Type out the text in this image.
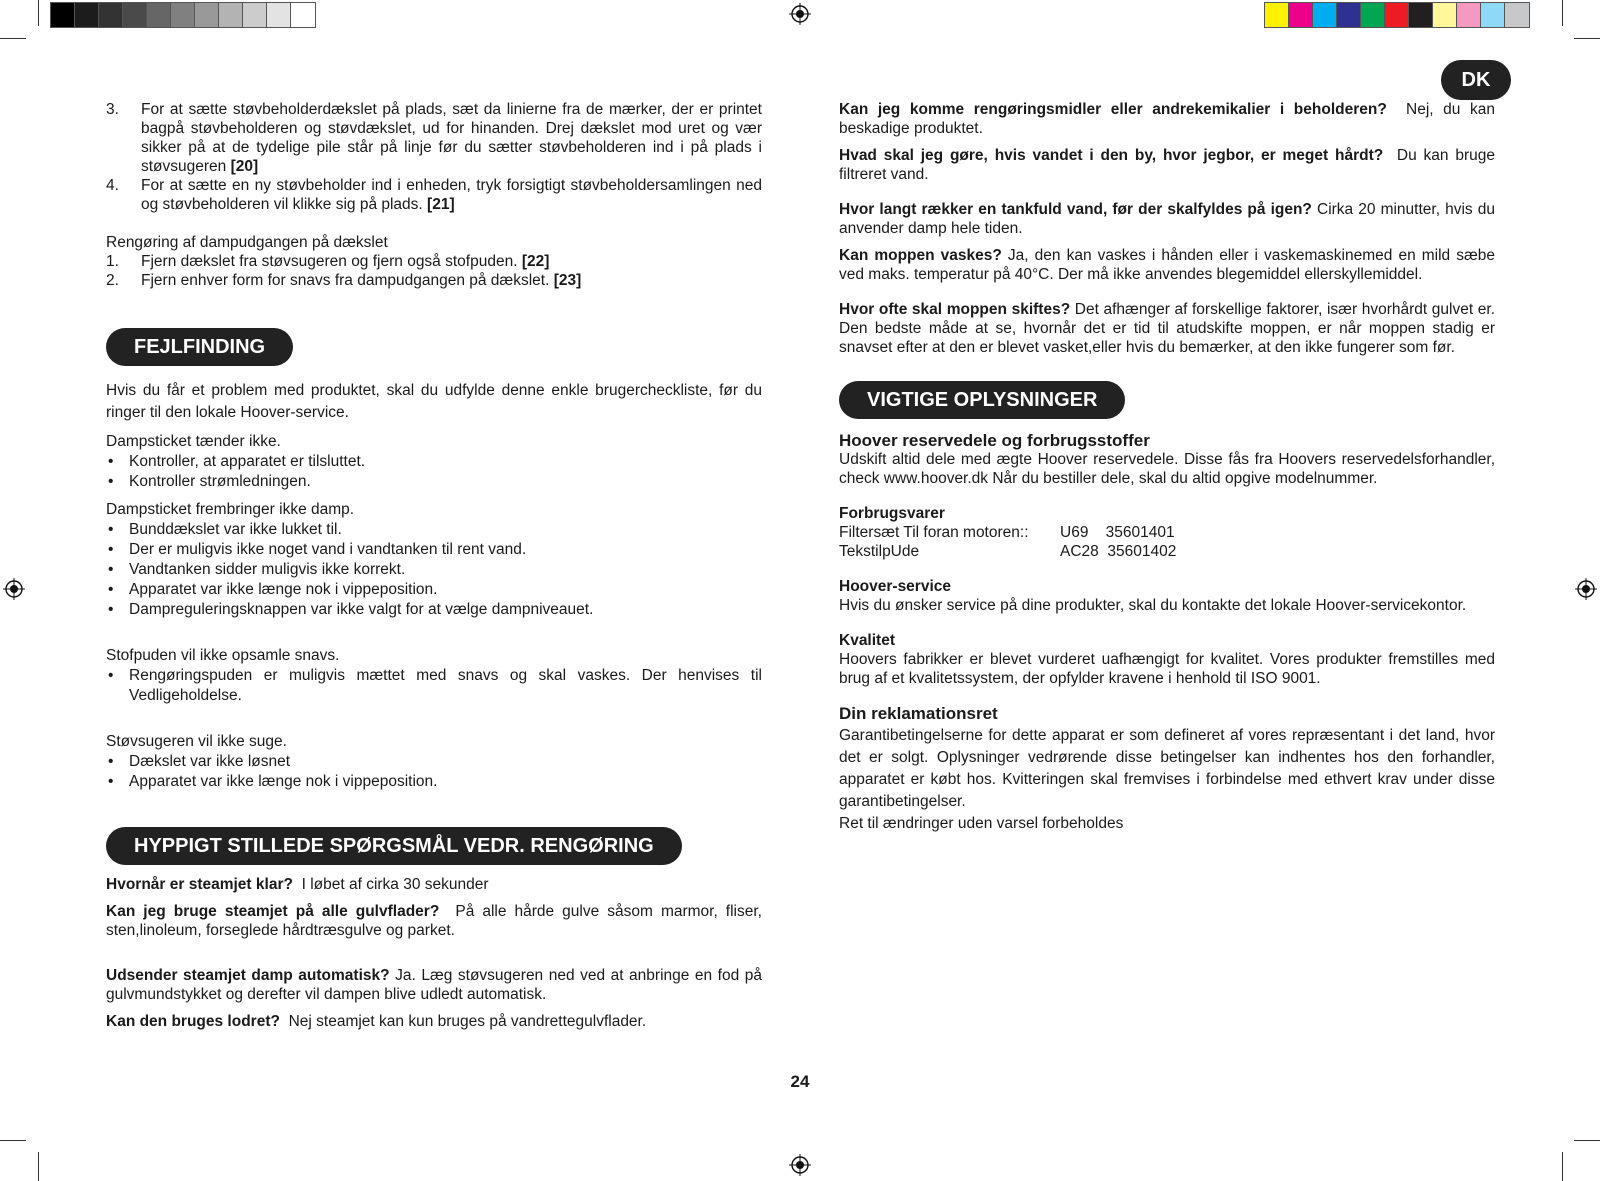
DK
3. For at sætte støvbeholderdækslet på plads, sæt da linierne fra de mærker, der er printet bagpå støvbeholderen og støvdækslet, ud for hinanden. Drej dækslet mod uret og vær sikker på at de tydelige pile står på linje før du sætter støvbeholderen ind i på plads i støvsugeren [20]
4. For at sætte en ny støvbeholder ind i enheden, tryk forsigtigt støvbeholdersamlingen ned og støvbeholderen vil klikke sig på plads. [21]

Rengøring af dampudgangen på dækslet

1. Fjern dækslet fra støvsugeren og fjern også stofpuden. [22]
2. Fjern enhver form for snavs fra dampudgangen på dækslet. [23]
FEJLFINDING

Hvis du får et problem med produktet, skal du udfylde denne enkle brugercheckliste, før du ringer til den lokale Hoover-service.

Dampsticket tænder ikke.

• Kontroller, at apparatet er tilsluttet.
• Kontroller strømledningen.

Dampsticket frembringer ikke damp.

• Bunddækslet var ikke lukket til.
• Der er muligvis ikke noget vand i vandtanken til rent vand.
• Vandtanken sidder muligvis ikke korrekt.
• Apparatet var ikke længe nok i vippeposition.
• Dampreguleringsknappen var ikke valgt for at vælge dampniveauet.

Stofpuden vil ikke opsamle snavs.

• Rengøringspuden er muligvis mættet med snavs og skal vaskes. Der henvises til Vedligeholdelse.

Støvsugeren vil ikke suge.

• Dækslet var ikke løsnet
• Apparatet var ikke længe nok i vippeposition.
HYPPIGT STILLEDE SPØRGSMÅL VEDR. RENGØRING

Hvornår er steamjet klar? I løbet af cirka 30 sekunder

Kan jeg bruge steamjet på alle gulvflader? På alle hårde gulve såsom marmor, fliser, sten,linoleum, forseglede hårdtræsgulve og parket.

Udsender steamjet damp automatisk? Ja. Læg støvsugeren ned ved at anbringe en fod på gulvmundstykket og derefter vil dampen blive udledt automatisk.

Kan den bruges lodret? Nej steamjet kan kun bruges på vandrettegulvflader.

Kan jeg komme rengøringsmidler eller andrekemikalier i beholderen? Nej, du kan beskadige produktet.

Hvad skal jeg gøre, hvis vandet i den by, hvor jegbor, er meget hårdt? Du kan bruge filtreret vand.

Hvor langt rækker en tankfuld vand, før der skalfyldes på igen? Cirka 20 minutter, hvis du anvender damp hele tiden.

Kan moppen vaskes? Ja, den kan vaskes i hånden eller i vaskemaskinemed en mild sæbe ved maks. temperatur på 40°C. Der må ikke anvendes blegemiddel ellerskyllemiddel.

Hvor ofte skal moppen skiftes? Det afhænger af forskellige faktorer, især hvorhårdt gulvet er. Den bedste måde at se, hvornår det er tid til atudskifte moppen, er når moppen stadig er snavset efter at den er blevet vasket,eller hvis du bemærker, at den ikke fungerer som før.

VIGTIGE OPLYSNINGER

Hoover reservedele og forbrugsstoffer

Udskift altid dele med ægte Hoover reservedele. Disse fås fra Hoovers reservedelsforhandler, check www.hoover.dk Når du bestiller dele, skal du altid opgive modelnummer.

Forbrugsvarer

Filtersæt Til foran motoren::	U69    35601401
TekstilpUde	AC28  35601402

Hoover-service

Hvis du ønsker service på dine produkter, skal du kontakte det lokale Hoover-servicekontor.

Kvalitet

Hoovers fabrikker er blevet vurderet uafhængigt for kvalitet. Vores produkter fremstilles med brug af et kvalitetssystem, der opfylder kravene i henhold til ISO 9001.

Din reklamationsret

Garantibetingelserne for dette apparat er som defineret af vores repræsentant i det land, hvor det er solgt. Oplysninger vedrørende disse betingelser kan indhentes hos den forhandler, apparatet er købt hos. Kvitteringen skal fremvises i forbindelse med ethvert krav under disse garantibetingelser.

Ret til ændringer uden varsel forbeholdes

24
